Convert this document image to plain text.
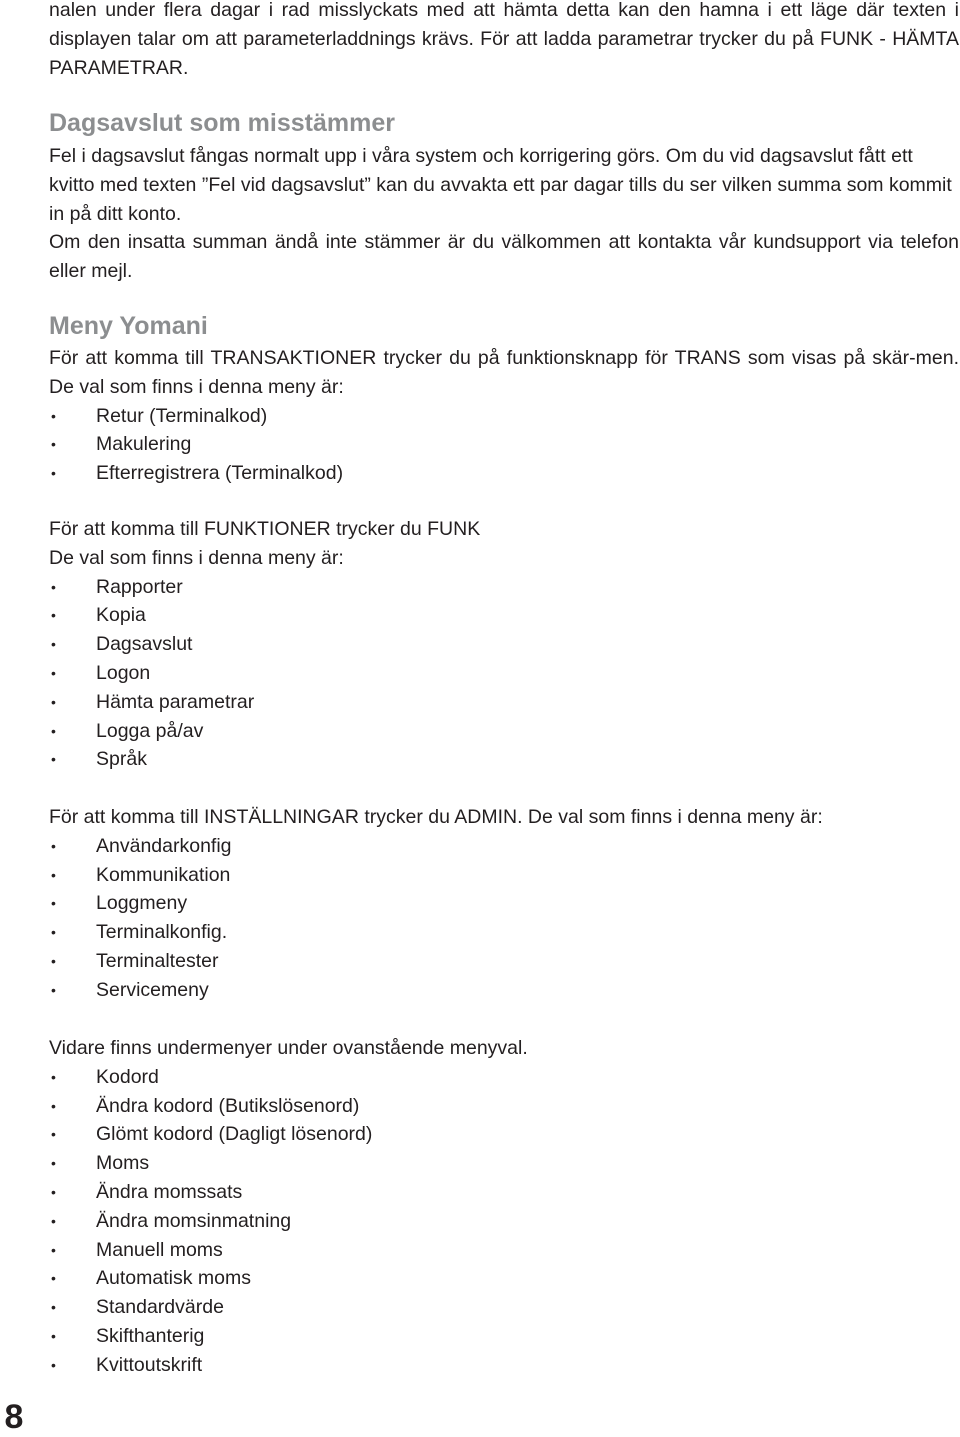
nalen under flera dagar i rad misslyckats med att hämta detta kan den hamna i ett läge där texten i displayen talar om att parameterladdnings krävs. För att ladda parametrar trycker du på FUNK - HÄMTA PARAMETRAR.

Dagsavslut som misstämmer

Fel i dagsavslut fångas normalt upp i våra system och korrigering görs. Om du vid dagsavslut fått ett kvitto med texten ”Fel vid dagsavslut” kan du avvakta ett par dagar tills du ser vilken summa som kommit in på ditt konto.

Om den insatta summan ändå inte stämmer är du välkommen att kontakta vår kundsupport via telefon eller mejl.

Meny Yomani

För att komma till TRANSAKTIONER trycker du på funktionsknapp för TRANS som visas på skär-men. De val som finns i denna meny är:

• Retur (Terminalkod)
• Makulering
• Efterregistrera (Terminalkod)

För att komma till FUNKTIONER trycker du FUNK

De val som finns i denna meny är:

• Rapporter
• Kopia
• Dagsavslut
• Logon
• Hämta parametrar
• Logga på/av
• Språk

För att komma till INSTÄLLNINGAR trycker du ADMIN. De val som finns i denna meny är:

• Användarkonfig
• Kommunikation
• Loggmeny
• Terminalkonfig.
• Terminaltester
• Servicemeny

Vidare finns undermenyer under ovanstående menyval.

• Kodord
• Ändra kodord (Butikslösenord)
• Glömt kodord (Dagligt lösenord)
• Moms
• Ändra momssats
• Ändra momsinmatning
• Manuell moms
• Automatisk moms
• Standardvärde
• Skifthanterig
• Kvittoutskrift
8
